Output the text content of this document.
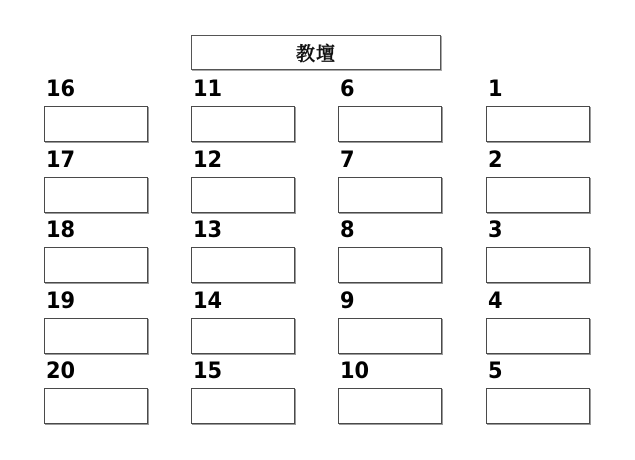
教壇
16
17
18
19
20
11
12
13
14
15
6
7
8
9
10
1
2
3
4
5
